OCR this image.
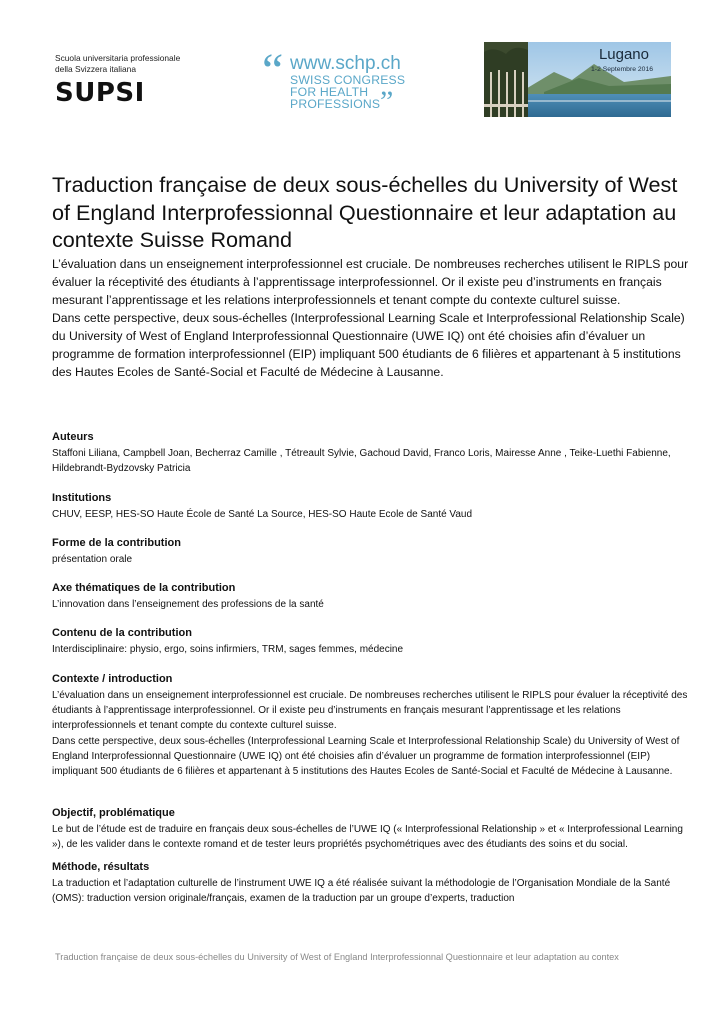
Scuola universitaria professionale
della Svizzera italiana
SUPSI	“ www.schp.ch
SWISS CONGRESS
FOR HEALTH
PROFESSIONS ”
Lugano
1-2 Septembre 2016
Traduction française de deux sous-échelles du University of West of England Interprofessionnal Questionnaire et leur adaptation au contexte Suisse Romand

L’évaluation dans un enseignement interprofessionnel est cruciale. De nombreuses recherches utilisent le RIPLS pour évaluer la réceptivité des étudiants à l’apprentissage interprofessionnel. Or il existe peu d’instruments en français mesurant l’apprentissage et les relations interprofessionnels et tenant compte du contexte culturel suisse.

Dans cette perspective, deux sous-échelles (Interprofessional Learning Scale et Interprofessional Relationship Scale) du University of West of England Interprofessionnal Questionnaire (UWE IQ) ont été choisies afin d’évaluer un programme de formation interprofessionnel (EIP) impliquant 500 étudiants de 6 filières et appartenant à 5 institutions des Hautes Ecoles de Santé-Social et Faculté de Médecine à Lausanne.

Auteurs

Staffoni Liliana, Campbell Joan, Becherraz Camille , Tétreault Sylvie, Gachoud David, Franco Loris, Mairesse Anne , Teike-Luethi Fabienne, Hildebrandt-Bydzovsky Patricia

Institutions

CHUV, EESP, HES-SO Haute École de Santé La Source, HES-SO Haute Ecole de Santé Vaud

Forme de la contribution

présentation orale

Axe thématiques de la contribution

L’innovation dans l’enseignement des professions de la santé

Contenu de la contribution

Interdisciplinaire: physio, ergo, soins infirmiers, TRM, sages femmes, médecine

Contexte / introduction

L’évaluation dans un enseignement interprofessionnel est cruciale. De nombreuses recherches utilisent le RIPLS pour évaluer la réceptivité des étudiants à l’apprentissage interprofessionnel. Or il existe peu d’instruments en français mesurant l’apprentissage et les relations interprofessionnels et tenant compte du contexte culturel suisse.

Dans cette perspective, deux sous-échelles (Interprofessional Learning Scale et Interprofessional Relationship Scale) du University of West of England Interprofessionnal Questionnaire (UWE IQ) ont été choisies afin d’évaluer un programme de formation interprofessionnel (EIP) impliquant 500 étudiants de 6 filières et appartenant à 5 institutions des Hautes Ecoles de Santé-Social et Faculté de Médecine à Lausanne.

Objectif, problématique

Le but de l’étude est de traduire en français deux sous-échelles de l’UWE IQ (« Interprofessional Relationship » et « Interprofessional Learning »), de les valider dans le contexte romand et de tester leurs propriétés psychométriques avec des étudiants des soins et du social.

Méthode, résultats

La traduction et l’adaptation culturelle de l’instrument UWE IQ a été réalisée suivant la méthodologie de l’Organisation Mondiale de la Santé (OMS): traduction version originale/français, examen de la traduction par un groupe d’experts, traduction

Traduction française de deux sous-échelles du University of West of England Interprofessionnal Questionnaire et leur adaptation au contex
